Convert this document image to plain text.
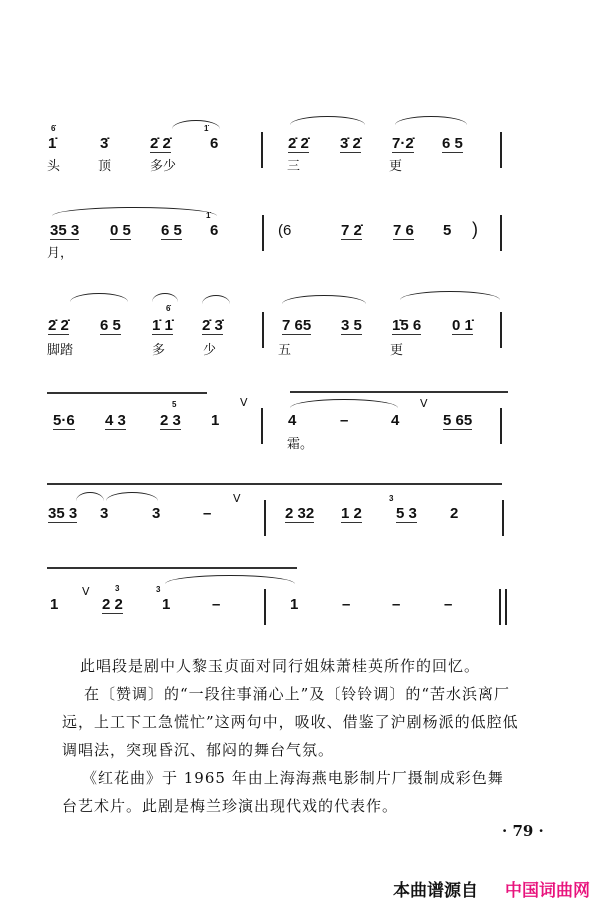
6̇
1̇	3̇	2̇ 2̇
1̇
6	2̇ 2̇ 3̇ 2̇ 7·2̇ 6 5
头	顶	多少	三	更
35 3 0 5 6 5
1̇
6	(6	7 2̇ 7 6 5 )
月，
2̇ 2̇ 6 5
6̇
1̇ 1̇ 2̇ 3̇	7 65 3 5 1̇5 6 0 1̇
脚踏	多	少	五	更
V	V
5·6 4 3
5
2 3 1	4	–	4	5 65
霜。
V
35 3 3	3	–	2 32 1 2
3
5 3 2
V
1
3
2 2
3
1	–	1	–	–	–
此唱段是剧中人黎玉贞面对同行姐妹萧桂英所作的回忆。
在〔赞调〕的“一段往事涌心上”及〔铃铃调〕的“苦水浜离厂
远，上工下工急慌忙”这两句中，吸收、借鉴了沪剧杨派的低腔低
调唱法，突现昏沉、郁闷的舞台气氛。
《红花曲》于 1965 年由上海海燕电影制片厂摄制成彩色舞
台艺术片。此剧是梅兰珍演出现代戏的代表作。
· 79 ·
本曲谱源自 中国词曲网
